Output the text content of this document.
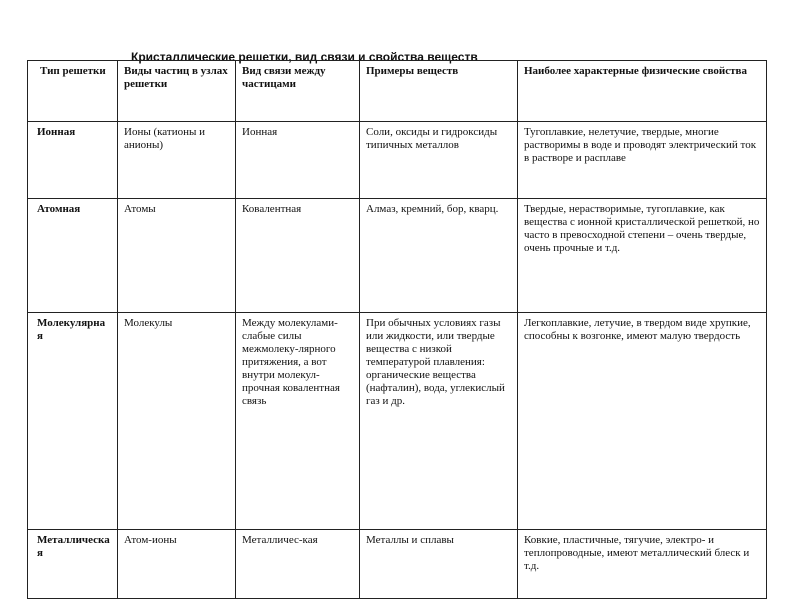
Кристаллические решетки, вид связи и свойства веществ
Тип решетки	Виды частиц в узлах решетки	Вид связи между частицами	Примеры веществ	Наиболее характерные физические свойства
Ионная	Ионы (катионы и анионы)	Ионная	Соли, оксиды и гидроксиды типичных металлов	Тугоплавкие, нелетучие, твердые, многие растворимы в воде и проводят электрический ток в растворе и расплаве
Атомная	Атомы	Ковалентная	Алмаз, кремний, бор, кварц.	Твердые, нерастворимые, тугоплавкие, как вещества с ионной кристаллической решеткой, но часто в превосходной степени – очень твердые, очень прочные и т.д.
Молекулярная	Молекулы	Между молекулами-слабые силы межмолеку-лярного притяжения, а вот внутри молекул-прочная ковалентная связь	При обычных условиях газы или жидкости, или твердые вещества с низкой температурой плавления: органические вещества (нафталин), вода, углекислый газ и др.	Легкоплавкие, летучие, в твердом виде хрупкие, способны к возгонке, имеют малую твердость
Металлическая	Атом-ионы	Металличес-кая	Металлы и сплавы	Ковкие, пластичные, тягучие, электро- и теплопроводные, имеют металлический блеск и т.д.
